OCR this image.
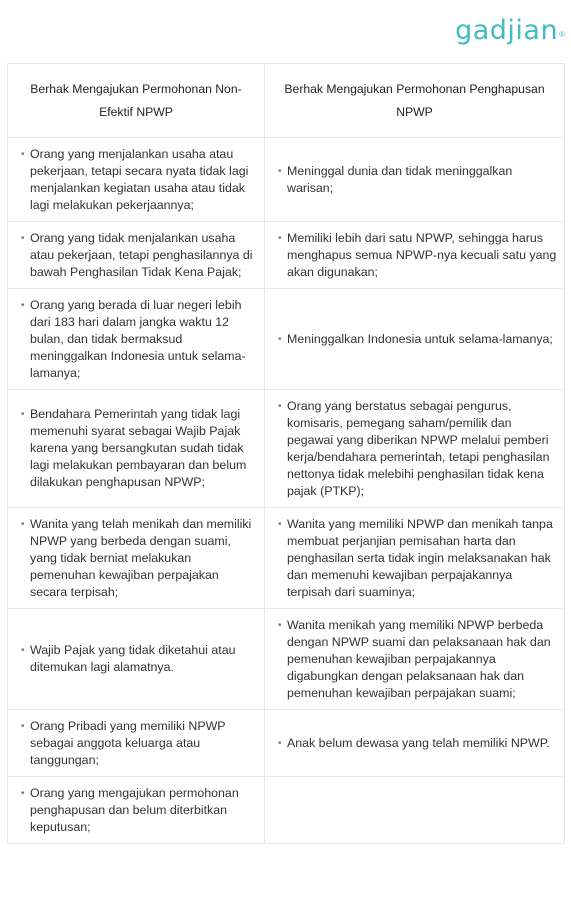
gadjian ®
Berhak Mengajukan Permohonan Non-Efektif NPWP	Berhak Mengajukan Permohonan Penghapusan NPWP

• Orang yang menjalankan usaha atau pekerjaan, tetapi secara nyata tidak lagi menjalankan kegiatan usaha atau tidak lagi melakukan pekerjaannya;	• Meninggal dunia dan tidak meninggalkan warisan;

• Orang yang tidak menjalankan usaha atau pekerjaan, tetapi penghasilannya di bawah Penghasilan Tidak Kena Pajak;	• Memiliki lebih dari satu NPWP, sehingga harus menghapus semua NPWP-nya kecuali satu yang akan digunakan;

• Orang yang berada di luar negeri lebih dari 183 hari dalam jangka waktu 12 bulan, dan tidak bermaksud meninggalkan Indonesia untuk selama-lamanya;	• Meninggalkan Indonesia untuk selama-lamanya;

• Bendahara Pemerintah yang tidak lagi memenuhi syarat sebagai Wajib Pajak karena yang bersangkutan sudah tidak lagi melakukan pembayaran dan belum dilakukan penghapusan NPWP;	• Orang yang berstatus sebagai pengurus, komisaris, pemegang saham/pemilik dan pegawai yang diberikan NPWP melalui pemberi kerja/bendahara pemerintah, tetapi penghasilan nettonya tidak melebihi penghasilan tidak kena pajak (PTKP);

• Wanita yang telah menikah dan memiliki NPWP yang berbeda dengan suami, yang tidak berniat melakukan pemenuhan kewajiban perpajakan secara terpisah;	• Wanita yang memiliki NPWP dan menikah tanpa membuat perjanjian pemisahan harta dan penghasilan serta tidak ingin melaksanakan hak dan memenuhi kewajiban perpajakannya terpisah dari suaminya;

• Wajib Pajak yang tidak diketahui atau ditemukan lagi alamatnya.	• Wanita menikah yang memiliki NPWP berbeda dengan NPWP suami dan pelaksanaan hak dan pemenuhan kewajiban perpajakannya digabungkan dengan pelaksanaan hak dan pemenuhan kewajiban perpajakan suami;

• Orang Pribadi yang memiliki NPWP sebagai anggota keluarga atau tanggungan;	• Anak belum dewasa yang telah memiliki NPWP.

• Orang yang mengajukan permohonan penghapusan dan belum diterbitkan keputusan;
